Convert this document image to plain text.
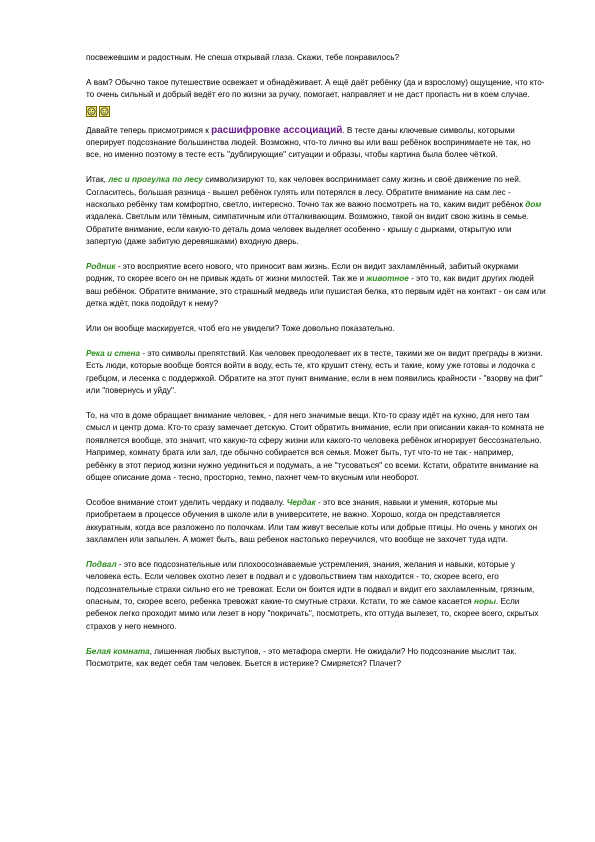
посвежевшим и радостным. Не спеша открывай глаза. Скажи, тебе понравилось?

А вам? Обычно такое путешествие освежает и обнадёживает. А ещё даёт ребёнку (да и взрослому) ощущение, что кто-то очень сильный и добрый ведёт его по жизни за ручку, помогает, направляет и не даст пропасть ни в коем случае.

Давайте теперь присмотримся к расшифровке ассоциаций. В тесте даны ключевые символы, которыми оперирует подсознание большинства людей. Возможно, что-то лично вы или ваш ребёнок воспринимаете не так, но все, но именно поэтому в тесте есть "дублирующие" ситуации и образы, чтобы картина была более чёткой.

Итак, лес и прогулка по лесу символизируют то, как человек воспринимает саму жизнь и своё движение по ней. Согласитесь, большая разница - вышел ребёнок гулять или потерялся в лесу. Обратите внимание на сам лес - насколько ребёнку там комфортно, светло, интересно. Точно так же важно посмотреть на то, каким видит ребёнок дом издалека. Светлым или тёмным, симпатичным или отталкивающим. Возможно, такой он видит свою жизнь в семье. Обратите внимание, если какую-то деталь дома человек выделяет особенно - крышу с дырками, открытую или запертую (даже забитую деревяшками) входную дверь.

Родник - это восприятие всего нового, что приносит вам жизнь. Если он видит захламлённый, забитый окурками родник, то скорее всего он не привык ждать от жизни милостей. Так же и животное - это то, как видит других людей ваш ребёнок. Обратите внимание, это страшный медведь или пушистая белка, кто первым идёт на контакт - он сам или детка ждёт, пока подойдут к нему?

Или он вообще маскируется, чтоб его не увидели? Тоже довольно показательно.

Река и стена - это символы препятствий. Как человек преодолевает их в тесте, такими же он видит преграды в жизни. Есть люди, которые вообще боятся войти в воду, есть те, кто крушит стену, есть и такие, кому уже готовы и лодочка с гребцом, и лесенка с поддержкой. Обратите на этот пункт внимание, если в нем появились крайности - "взорву на фиг" или "повернусь и уйду".

То, на что в доме обращает внимание человек, - для него значимые вещи. Кто-то сразу идёт на кухню, для него там смысл и центр дома. Кто-то сразу замечает детскую. Стоит обратить внимание, если при описании какая-то комната не появляется вообще, это значит, что какую-то сферу жизни или какого-то человека ребёнок игнорирует бессознательно. Например, комнату брата или зал, где обычно собирается вся семья. Может быть, тут что-то не так - например, ребёнку в этот период жизни нужно уединиться и подумать, а не "тусоваться" со всеми. Кстати, обратите внимание на общее описание дома - тесно, просторно, темно, пахнет чем-то вкусным или необорот.

Особое внимание стоит уделить чердаку и подвалу. Чердак - это все знания, навыки и умения, которые мы приобретаем в процессе обучения в школе или в университете, не важно. Хорошо, когда он представляется аккуратным, когда все разложено по полочкам. Или там живут веселые коты или добрые птицы. Но очень у многих он захламлен или запылен. А может быть, ваш ребенок настолько переучился, что вообще не захочет туда идти.

Подвал - это все подсознательные или плохоосознаваемые устремления, знания, желания и навыки, которые у человека есть. Если человек охотно лезет в подвал и с удовольствием там находится - то, скорее всего, его подсознательные страхи сильно его не тревожат. Если он боится идти в подвал и видит его захламленным, грязным, опасным, то, скорее всего, ребенка тревожат какие-то смутные страхи. Кстати, то же самое касается норы. Если ребенок легко проходит мимо или лезет в нору "покричать", посмотреть, кто оттуда вылезет, то, скорее всего, скрытых страхов у него немного.

Белая комната, лишенная любых выступов, - это метафора смерти. Не ожидали? Но подсознание мыслит так. Посмотрите, как ведет себя там человек. Бьется в истерике? Смиряется? Плачет?
